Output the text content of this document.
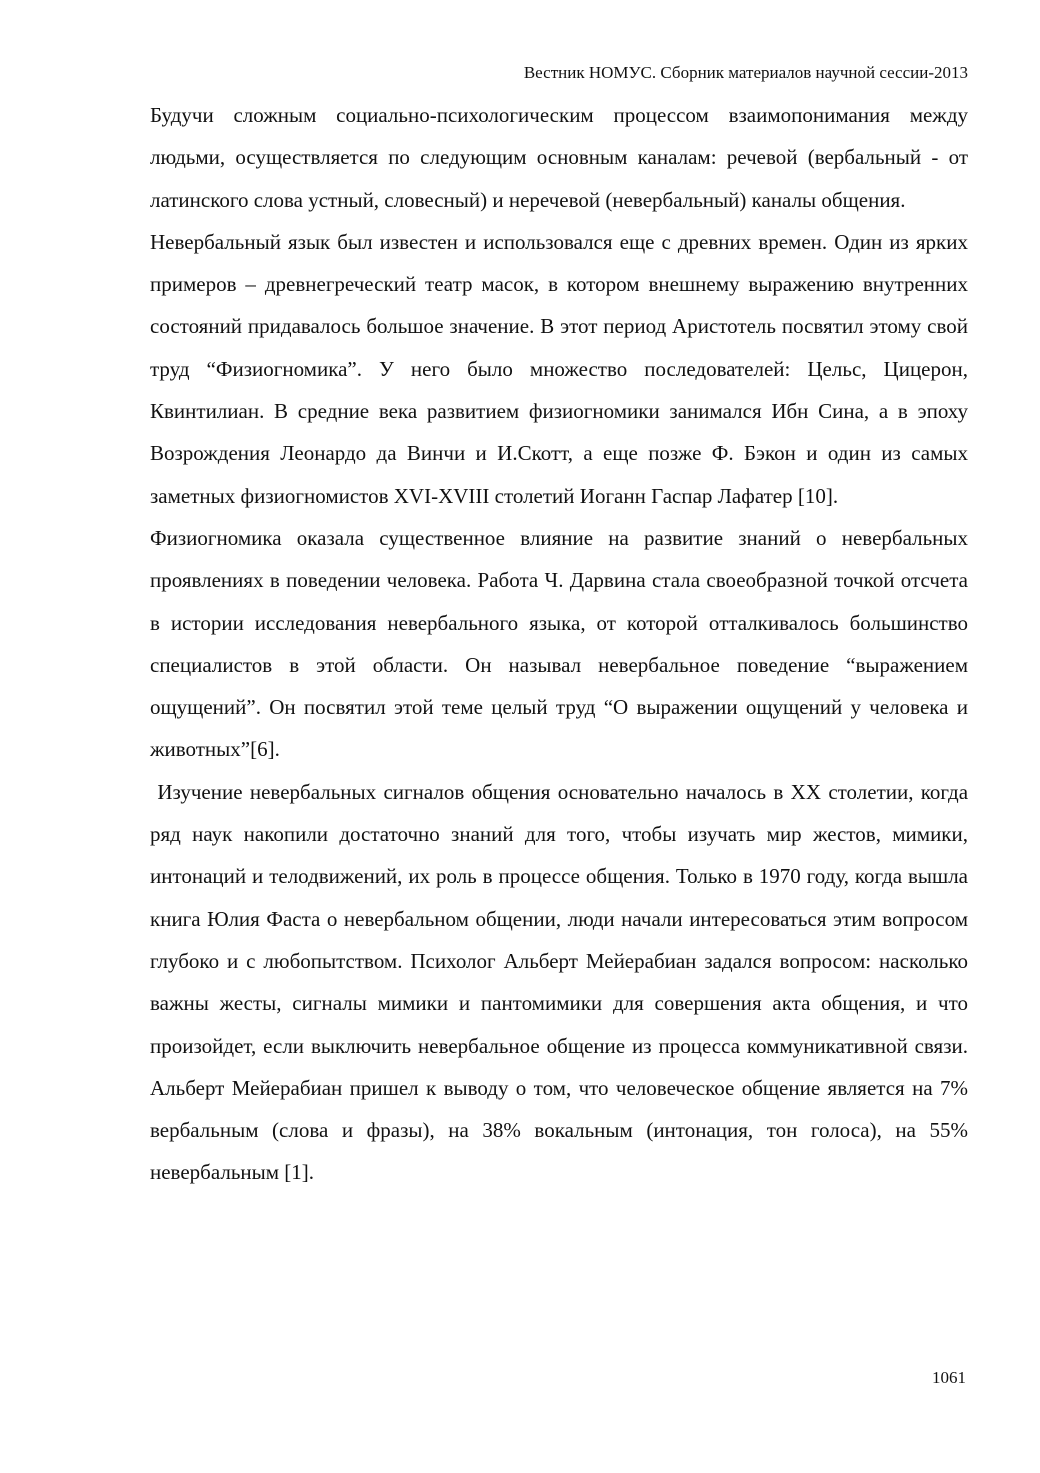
Вестник НОМУС. Сборник материалов научной сессии-2013

Будучи сложным социально-психологическим процессом взаимопонимания между людьми, осуществляется по следующим основным каналам: речевой (вербальный - от латинского слова устный, словесный) и неречевой (невербальный) каналы общения.

Невербальный язык был известен и использовался еще с древних времен. Один из ярких примеров – древнегреческий театр масок, в котором внешнему выражению внутренних состояний придавалось большое значение. В этот период Аристотель посвятил этому свой труд “Физиогномика”. У него было множество последователей: Цельс, Цицерон, Квинтилиан. В средние века развитием физиогномики занимался Ибн Сина, а в эпоху Возрождения Леонардо да Винчи и И.Скотт, а еще позже Ф. Бэкон и один из самых заметных физиогномистов XVI-XVIII столетий Иоганн Гаспар Лафатер [10].

Физиогномика оказала существенное влияние на развитие знаний о невербальных проявлениях в поведении человека. Работа Ч. Дарвина стала своеобразной точкой отсчета в истории исследования невербального языка, от которой отталкивалось большинство специалистов в этой области. Он называл невербальное поведение “выражением ощущений”. Он посвятил этой теме целый труд “О выражении ощущений у человека и животных”[6].

Изучение невербальных сигналов общения основательно началось в XX столетии, когда ряд наук накопили достаточно знаний для того, чтобы изучать мир жестов, мимики, интонаций и телодвижений, их роль в процессе общения. Только в 1970 году, когда вышла книга Юлия Фаста о невербальном общении, люди начали интересоваться этим вопросом глубоко и с любопытством. Психолог Альберт Мейерабиан задался вопросом: насколько важны жесты, сигналы мимики и пантомимики для совершения акта общения, и что произойдет, если выключить невербальное общение из процесса коммуникативной связи. Альберт Мейерабиан пришел к выводу о том, что человеческое общение является на 7% вербальным (слова и фразы), на 38% вокальным (интонация, тон голоса), на 55% невербальным [1].

1061
